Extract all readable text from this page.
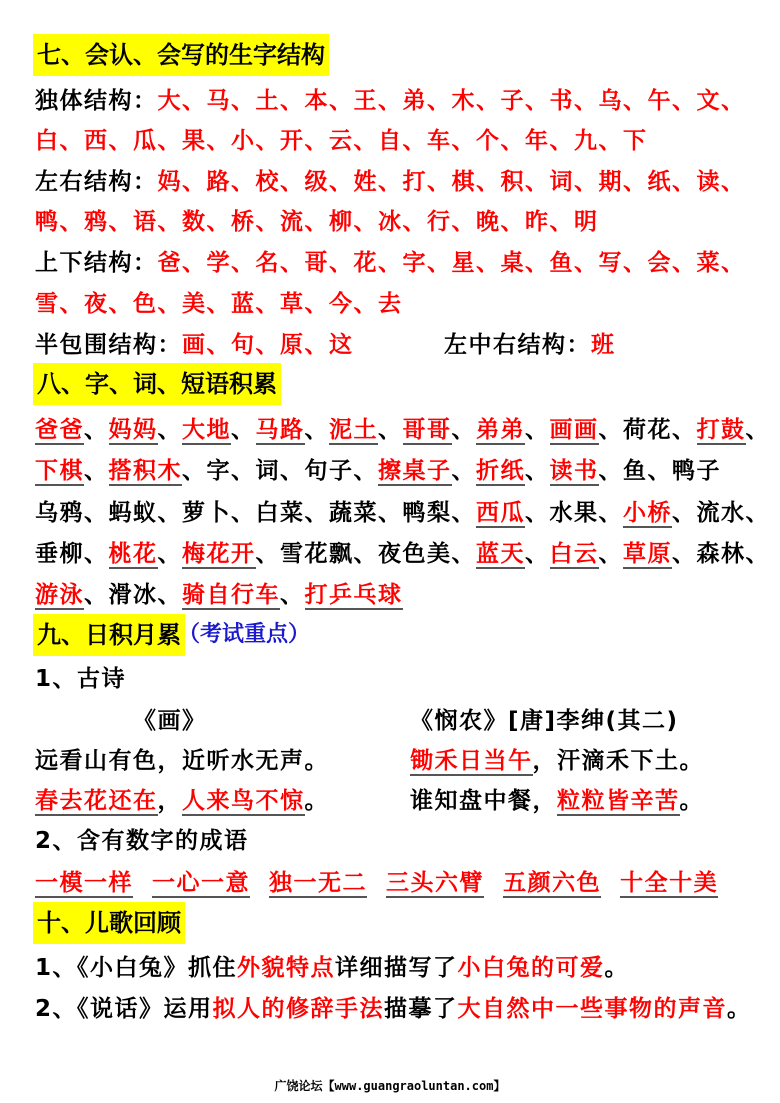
七、会认、会写的生字结构
八、字、词、短语积累
九、日积月累
（考试重点）
十、儿歌回顾
独体结构：大、马、土、本、王、弟、木、子、书、乌、午、文、
白、西、瓜、果、小、开、云、自、车、个、年、九、下
左右结构：妈、路、校、级、姓、打、棋、积、词、期、纸、读、
鸭、鸦、语、数、桥、流、柳、冰、行、晚、昨、明
上下结构：爸、学、名、哥、花、字、星、桌、鱼、写、会、菜、
雪、夜、色、美、蓝、草、今、去
半包围结构：画、句、原、这	左中右结构：班
爸爸、妈妈、大地、马路、泥土、哥哥、弟弟、画画、荷花、打鼓、
下棋、搭积木、字、词、句子、擦桌子、折纸、读书、鱼、鸭子
乌鸦、蚂蚁、萝卜、白菜、蔬菜、鸭梨、西瓜、水果、小桥、流水、
垂柳、桃花、梅花开、雪花飘、夜色美、蓝天、白云、草原、森林、
游泳、滑冰、骑自行车、打乒乓球
1、古诗
《画》	《悯农》[唐]李绅(其二)
远看山有色，近听水无声。	锄禾日当午，汗滴禾下土。
春去花还在，人来鸟不惊。	谁知盘中餐，粒粒皆辛苦。
2、含有数字的成语
一模一样 一心一意 独一无二 三头六臂 五颜六色 十全十美
1、《小白兔》抓住外貌特点详细描写了小白兔的可爱。
2、《说话》运用拟人的修辞手法描摹了大自然中一些事物的声音。
广饶论坛【www.guangraoluntan.com】
